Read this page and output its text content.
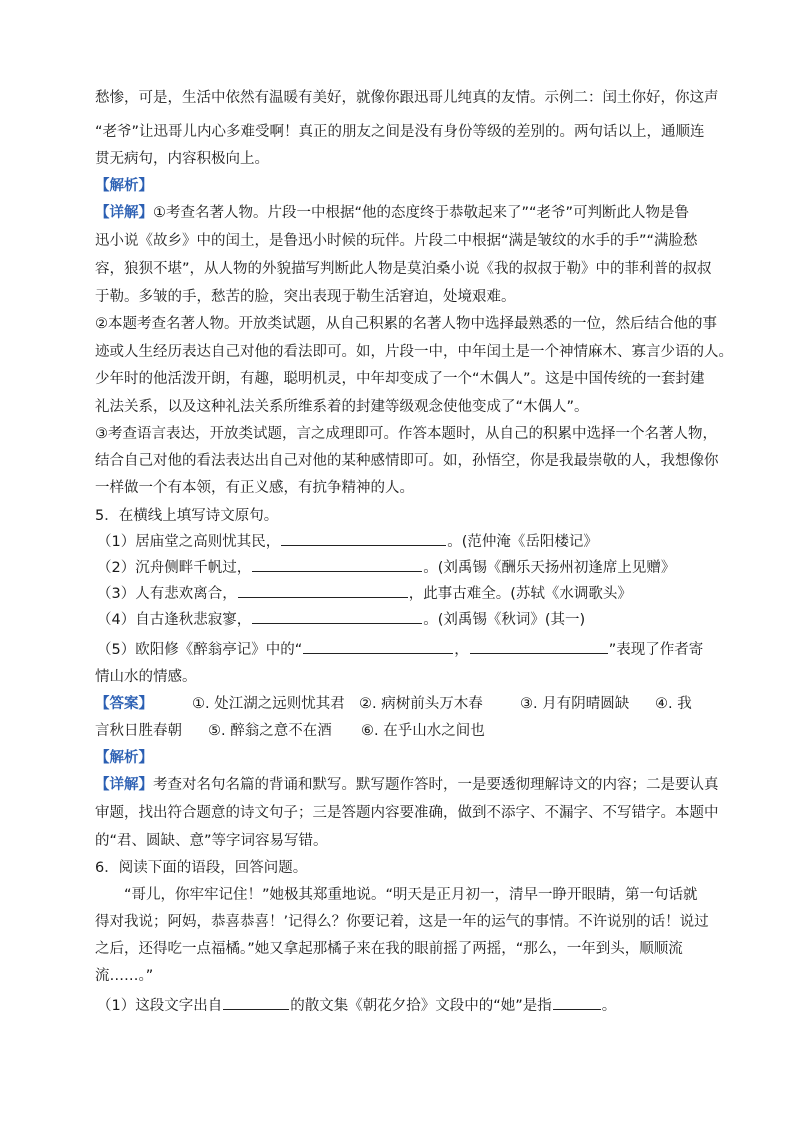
愁惨，可是，生活中依然有温暖有美好，就像你跟迅哥儿纯真的友情。示例二：闰土你好，你这声
“老爷”让迅哥儿内心多难受啊！真正的朋友之间是没有身份等级的差别的。两句话以上，通顺连
贯无病句，内容积极向上。
【解析】
【详解】①考查名著人物。片段一中根据“他的态度终于恭敬起来了”“老爷”可判断此人物是鲁
迅小说《故乡》中的闰土，是鲁迅小时候的玩伴。片段二中根据“满是皱纹的水手的手”“满脸愁
容，狼狈不堪”，从人物的外貌描写判断此人物是莫泊桑小说《我的叔叔于勒》中的菲利普的叔叔
于勒。多皱的手，愁苦的脸，突出表现于勒生活窘迫，处境艰难。
②本题考查名著人物。开放类试题，从自己积累的名著人物中选择最熟悉的一位，然后结合他的事
迹或人生经历表达自己对他的看法即可。如，片段一中，中年闰土是一个神情麻木、寡言少语的人。
少年时的他活泼开朗，有趣，聪明机灵，中年却变成了一个“木偶人”。这是中国传统的一套封建
礼法关系，以及这种礼法关系所维系着的封建等级观念使他变成了“木偶人”。
③考查语言表达，开放类试题，言之成理即可。作答本题时，从自己的积累中选择一个名著人物，
结合自己对他的看法表达出自己对他的某种感情即可。如，孙悟空，你是我最崇敬的人，我想像你
一样做一个有本领，有正义感，有抗争精神的人。
5．在横线上填写诗文原句。
（1）居庙堂之高则忧其民，	。(范仲淹《岳阳楼记》
（2）沉舟侧畔千帆过，	。(刘禹锡《酬乐天扬州初逢席上见赠》
（3）人有悲欢离合，	，此事古难全。(苏轼《水调歌头》
（4）自古逢秋悲寂寥，	。(刘禹锡《秋词》(其一)
（5）欧阳修《醉翁亭记》中的“	，	”表现了作者寄
情山水的情感。
【答案】	①. 处江湖之远则忧其君 ②. 病树前头万木春	③. 月有阴晴圆缺 ④. 我
言秋日胜春朝 ⑤. 醉翁之意不在酒 ⑥. 在乎山水之间也
【解析】
【详解】考查对名句名篇的背诵和默写。默写题作答时，一是要透彻理解诗文的内容；二是要认真
审题，找出符合题意的诗文句子；三是答题内容要准确，做到不添字、不漏字、不写错字。本题中
的“君、圆缺、意”等字词容易写错。
6．阅读下面的语段，回答问题。
“哥儿，你牢牢记住！”她极其郑重地说。“明天是正月初一，清早一睁开眼睛，第一句话就
得对我说；阿妈，恭喜恭喜！’记得么？你要记着，这是一年的运气的事情。不许说别的话！说过
之后，还得吃一点福橘。”她又拿起那橘子来在我的眼前摇了两摇，“那么，一年到头，顺顺流
流……。”
（1）这段文字出自	的散文集《朝花夕拾》文段中的“她”是指	。
